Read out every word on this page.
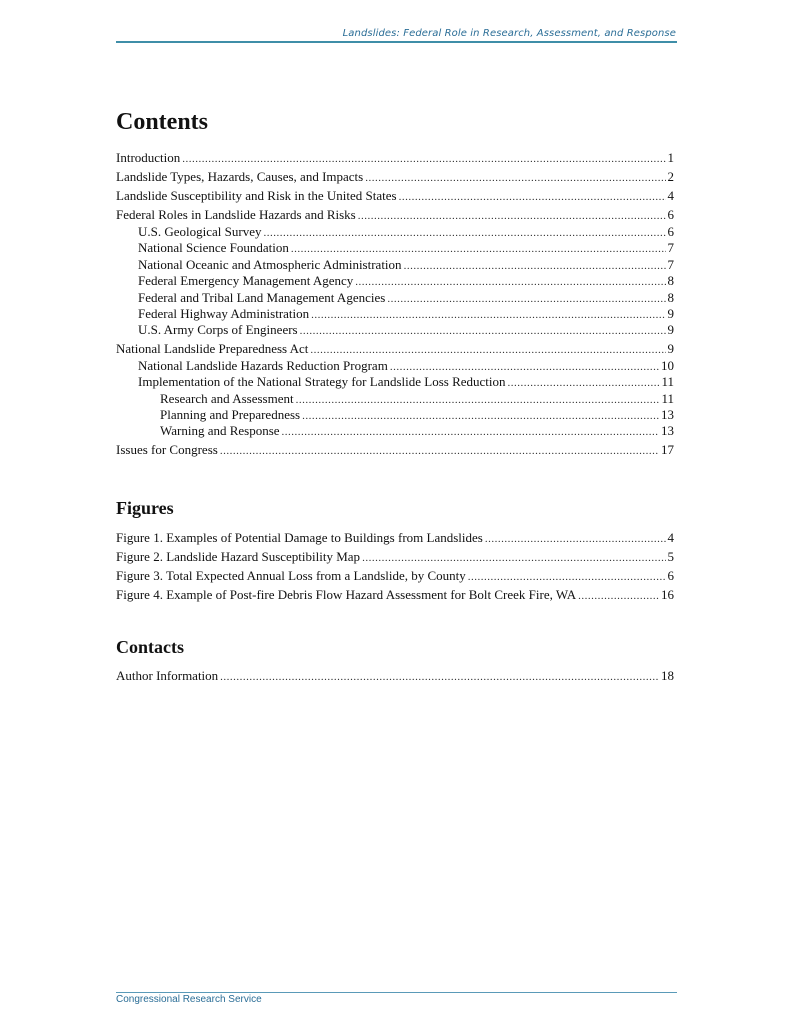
Landslides: Federal Role in Research, Assessment, and Response
Contents
Introduction .....	1
Landslide Types, Hazards, Causes, and Impacts .....	2
Landslide Susceptibility and Risk in the United States .....	4
Federal Roles in Landslide Hazards and Risks .....	6
U.S. Geological Survey .....	6
National Science Foundation .....	7
National Oceanic and Atmospheric Administration .....	7
Federal Emergency Management Agency .....	8
Federal and Tribal Land Management Agencies .....	8
Federal Highway Administration .....	9
U.S. Army Corps of Engineers .....	9
National Landslide Preparedness Act .....	9
National Landslide Hazards Reduction Program .....	10
Implementation of the National Strategy for Landslide Loss Reduction .....	11
Research and Assessment .....	11
Planning and Preparedness .....	13
Warning and Response .....	13
Issues for Congress .....	17
Figures
Figure 1. Examples of Potential Damage to Buildings from Landslides .....	4
Figure 2. Landslide Hazard Susceptibility Map .....	5
Figure 3. Total Expected Annual Loss from a Landslide, by County .....	6
Figure 4. Example of Post-fire Debris Flow Hazard Assessment for Bolt Creek Fire, WA .....	16
Contacts
Author Information .....	18
Congressional Research Service
